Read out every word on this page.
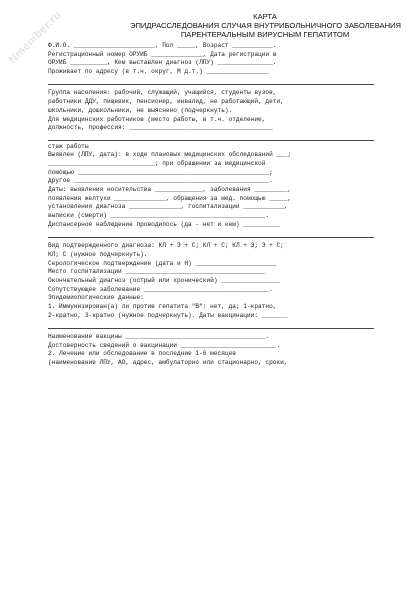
Nmember.ru	КАРТА
ЭПИДРАССЛЕДОВАНИЯ СЛУЧАЯ ВНУТРИБОЛЬНИЧНОГО ЗАБОЛЕВАНИЯ
ПАРЕНТЕРАЛЬНЫМ ВИРУСНЫМ ГЕПАТИТОМ
Ф.И.О. ______________________, Пол _____, Возраст ___________.
Регистрационный номер ОРУИБ ______________, Дата регистрации в
ОРУИБ __________, Кем выставлен диагноз (ЛПУ) _______________.
Проживает по адресу (в т.ч. округ, М д.т.) _________________
Группа населения: рабочий, служащий, учащийся, студенты вузов,
работники ДДУ, пищевик, пенсионер, инвалид, не работающий, дети,
школьники, дошкольники, не выяснено (подчеркнуть).
Для медицинских работников (место работы, в т.ч. отделение,
должность, профессия: _______________________________________
стаж работы
Выявлен (ЛПУ, дата): в ходе плановых медицинских обследований ___;
_____________________________; при обращении за медицинской
помощью ____________________________________________________;
другое _____________________________________________________.
Даты: выявления носительства _____________, заболевания _________,
появления желтухи ______________, обращения за мед. помощью _____,
установления диагноза ______________, госпитализации ___________,
выписки (смерти) __________________________________________.
Диспансерное наблюдение проводилось (да - нет и кем) __________
Вид подтвержденного диагноза: КЛ + Э + С; КЛ + С; КЛ + Э; Э + С;
КЛ; С (нужное подчеркнуть).
Серологическое подтверждение (дата и Н) ______________________
Место госпитализации ______________________________________
Окончательный диагноз (острый или хронический) ________________
Сопутствующее заболевание __________________________________.
Эпидемиологические данные:
1. Иммунизирован(а) ли против гепатита "В": нет, да; 1-кратно,
2-кратно, 3-кратно (нужное подчеркнуть). Даты вакцинации: _______
Наименование вакцины ______________________________________.
Достоверность сведений о вакцинации __________________________.
2. Лечение или обследование в последние 1-6 месяцев
(наименование ЛПУ, АО, адрес, амбулаторно или стационарно, сроки,
